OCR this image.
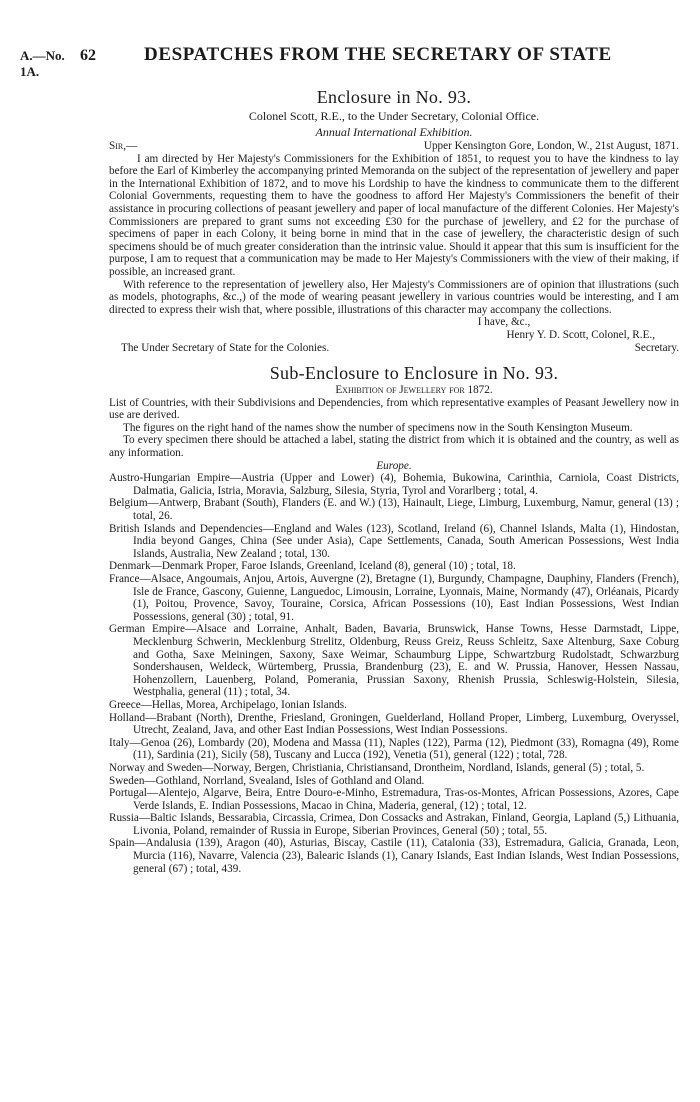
A.—No. 1A.
62	DESPATCHES FROM THE SECRETARY OF STATE
Enclosure in No. 93.
Colonel Scott, R.E., to the Under Secretary, Colonial Office.
Annual International Exhibition.
Sir,—	Upper Kensington Gore, London, W., 21st August, 1871.

I am directed by Her Majesty's Commissioners for the Exhibition of 1851, to request you to have the kindness to lay before the Earl of Kimberley the accompanying printed Memoranda on the subject of the representation of jewellery and paper in the International Exhibition of 1872, and to move his Lordship to have the kindness to communicate them to the different Colonial Governments, requesting them to have the goodness to afford Her Majesty's Commissioners the benefit of their assistance in procuring collections of peasant jewellery and paper of local manufacture of the different Colonies. Her Majesty's Commissioners are prepared to grant sums not exceeding £30 for the purchase of jewellery, and £2 for the purchase of specimens of paper in each Colony, it being borne in mind that in the case of jewellery, the characteristic design of such specimens should be of much greater consideration than the intrinsic value. Should it appear that this sum is insufficient for the purpose, I am to request that a communication may be made to Her Majesty's Commissioners with the view of their making, if possible, an increased grant.

With reference to the representation of jewellery also, Her Majesty's Commissioners are of opinion that illustrations (such as models, photographs, &c.,) of the mode of wearing peasant jewellery in various countries would be interesting, and I am directed to express their wish that, where possible, illustrations of this character may accompany the collections.

I have, &c.,
Henry Y. D. Scott, Colonel, R.E.,
The Under Secretary of State for the Colonies.	Secretary.
Sub-Enclosure to Enclosure in No. 93.
Exhibition of Jewellery for 1872.

List of Countries, with their Subdivisions and Dependencies, from which representative examples of Peasant Jewellery now in use are derived.

The figures on the right hand of the names show the number of specimens now in the South Kensington Museum.

To every specimen there should be attached a label, stating the district from which it is obtained and the country, as well as any information.

Europe.

Austro-Hungarian Empire—Austria (Upper and Lower) (4), Bohemia, Bukowina, Carinthia, Carniola, Coast Districts, Dalmatia, Galicia, Istria, Moravia, Salzburg, Silesia, Styria, Tyrol and Vorarlberg ; total, 4.

Belgium—Antwerp, Brabant (South), Flanders (E. and W.) (13), Hainault, Liege, Limburg, Luxemburg, Namur, general (13) ; total, 26.

British Islands and Dependencies—England and Wales (123), Scotland, Ireland (6), Channel Islands, Malta (1), Hindostan, India beyond Ganges, China (See under Asia), Cape Settlements, Canada, South American Possessions, West India Islands, Australia, New Zealand ; total, 130.

Denmark—Denmark Proper, Faroe Islands, Greenland, Iceland (8), general (10) ; total, 18.

France—Alsace, Angoumais, Anjou, Artois, Auvergne (2), Bretagne (1), Burgundy, Champagne, Dauphiny, Flanders (French), Isle de France, Gascony, Guienne, Languedoc, Limousin, Lorraine, Lyonnais, Maine, Normandy (47), Orléanais, Picardy (1), Poitou, Provence, Savoy, Touraine, Corsica, African Possessions (10), East Indian Possessions, West Indian Possessions, general (30) ; total, 91.

German Empire—Alsace and Lorraine, Anhalt, Baden, Bavaria, Brunswick, Hanse Towns, Hesse Darmstadt, Lippe, Mecklenburg Schwerin, Mecklenburg Strelitz, Oldenburg, Reuss Greiz, Reuss Schleitz, Saxe Altenburg, Saxe Coburg and Gotha, Saxe Meiningen, Saxony, Saxe Weimar, Schaumburg Lippe, Schwartzburg Rudolstadt, Schwarzburg Sondershausen, Weldeck, Würtemberg, Prussia, Brandenburg (23), E. and W. Prussia, Hanover, Hessen Nassau, Hohenzollern, Lauenberg, Poland, Pomerania, Prussian Saxony, Rhenish Prussia, Schleswig-Holstein, Silesia, Westphalia, general (11) ; total, 34.

Greece—Hellas, Morea, Archipelago, Ionian Islands.

Holland—Brabant (North), Drenthe, Friesland, Groningen, Guelderland, Holland Proper, Limberg, Luxemburg, Overyssel, Utrecht, Zealand, Java, and other East Indian Possessions, West Indian Possessions.

Italy—Genoa (26), Lombardy (20), Modena and Massa (11), Naples (122), Parma (12), Piedmont (33), Romagna (49), Rome (11), Sardinia (21), Sicily (58), Tuscany and Lucca (192), Venetia (51), general (122) ; total, 728.

Norway and Sweden—Norway, Bergen, Christiania, Christiansand, Drontheim, Nordland, Islands, general (5) ; total, 5.

Sweden—Gothland, Norrland, Svealand, Isles of Gothland and Oland.

Portugal—Alentejo, Algarve, Beira, Entre Douro-e-Minho, Estremadura, Tras-os-Montes, African Possessions, Azores, Cape Verde Islands, E. Indian Possessions, Macao in China, Maderia, general, (12) ; total, 12.

Russia—Baltic Islands, Bessarabia, Circassia, Crimea, Don Cossacks and Astrakan, Finland, Georgia, Lapland (5,) Lithuania, Livonia, Poland, remainder of Russia in Europe, Siberian Provinces, General (50) ; total, 55.

Spain—Andalusia (139), Aragon (40), Asturias, Biscay, Castile (11), Catalonia (33), Estremadura, Galicia, Granada, Leon, Murcia (116), Navarre, Valencia (23), Balearic Islands (1), Canary Islands, East Indian Islands, West Indian Possessions, general (67) ; total, 439.
